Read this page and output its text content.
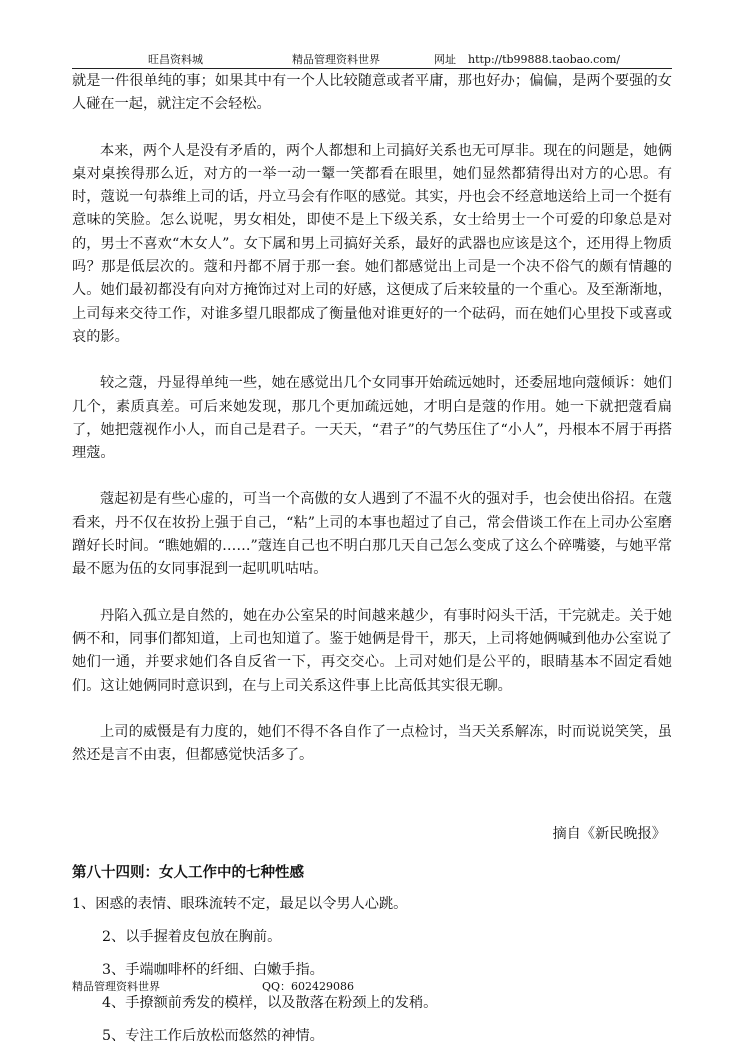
旺昌资料城	精品管理资料世界	网址 http://tb99888.taobao.com/

就是一件很单纯的事；如果其中有一个人比较随意或者平庸，那也好办；偏偏，是两个要强的女人碰在一起，就注定不会轻松。

本来，两个人是没有矛盾的，两个人都想和上司搞好关系也无可厚非。现在的问题是，她俩桌对桌挨得那么近，对方的一举一动一颦一笑都看在眼里，她们显然都猜得出对方的心思。有时，蔻说一句恭维上司的话，丹立马会有作呕的感觉。其实，丹也会不经意地送给上司一个挺有意味的笑脸。怎么说呢，男女相处，即使不是上下级关系，女士给男士一个可爱的印象总是对的，男士不喜欢“木女人”。女下属和男上司搞好关系，最好的武器也应该是这个，还用得上物质吗？那是低层次的。蔻和丹都不屑于那一套。她们都感觉出上司是一个决不俗气的颇有情趣的人。她们最初都没有向对方掩饰过对上司的好感，这便成了后来较量的一个重心。及至渐渐地，上司每来交待工作，对谁多望几眼都成了衡量他对谁更好的一个砝码，而在她们心里投下或喜或哀的影。

较之蔻，丹显得单纯一些，她在感觉出几个女同事开始疏远她时，还委屈地向蔻倾诉：她们几个，素质真差。可后来她发现，那几个更加疏远她，才明白是蔻的作用。她一下就把蔻看扁了，她把蔻视作小人，而自己是君子。一天天，“君子”的气势压住了“小人”，丹根本不屑于再搭理蔻。

蔻起初是有些心虚的，可当一个高傲的女人遇到了不温不火的强对手，也会使出俗招。在蔻看来，丹不仅在妆扮上强于自己，“粘”上司的本事也超过了自己，常会借谈工作在上司办公室磨蹭好长时间。“瞧她媚的……”蔻连自己也不明白那几天自己怎么变成了这么个碎嘴婆，与她平常最不愿为伍的女同事混到一起叽叽咕咕。

丹陷入孤立是自然的，她在办公室呆的时间越来越少，有事时闷头干活，干完就走。关于她俩不和，同事们都知道，上司也知道了。鉴于她俩是骨干，那天，上司将她俩喊到他办公室说了她们一通，并要求她们各自反省一下，再交交心。上司对她们是公平的，眼睛基本不固定看她们。这让她俩同时意识到，在与上司关系这件事上比高低其实很无聊。

上司的威慑是有力度的，她们不得不各自作了一点检讨，当天关系解冻，时而说说笑笑，虽然还是言不由衷，但都感觉快活多了。

摘自《新民晚报》
第八十四则：女人工作中的七种性感
1、困惑的表情、眼珠流转不定，最足以令男人心跳。
2、以手握着皮包放在胸前。
3、手端咖啡杯的纤细、白嫩手指。
4、手撩额前秀发的模样，以及散落在粉颈上的发稍。
5、专注工作后放松而悠然的神情。
精品管理资料世界	QQ：602429086
